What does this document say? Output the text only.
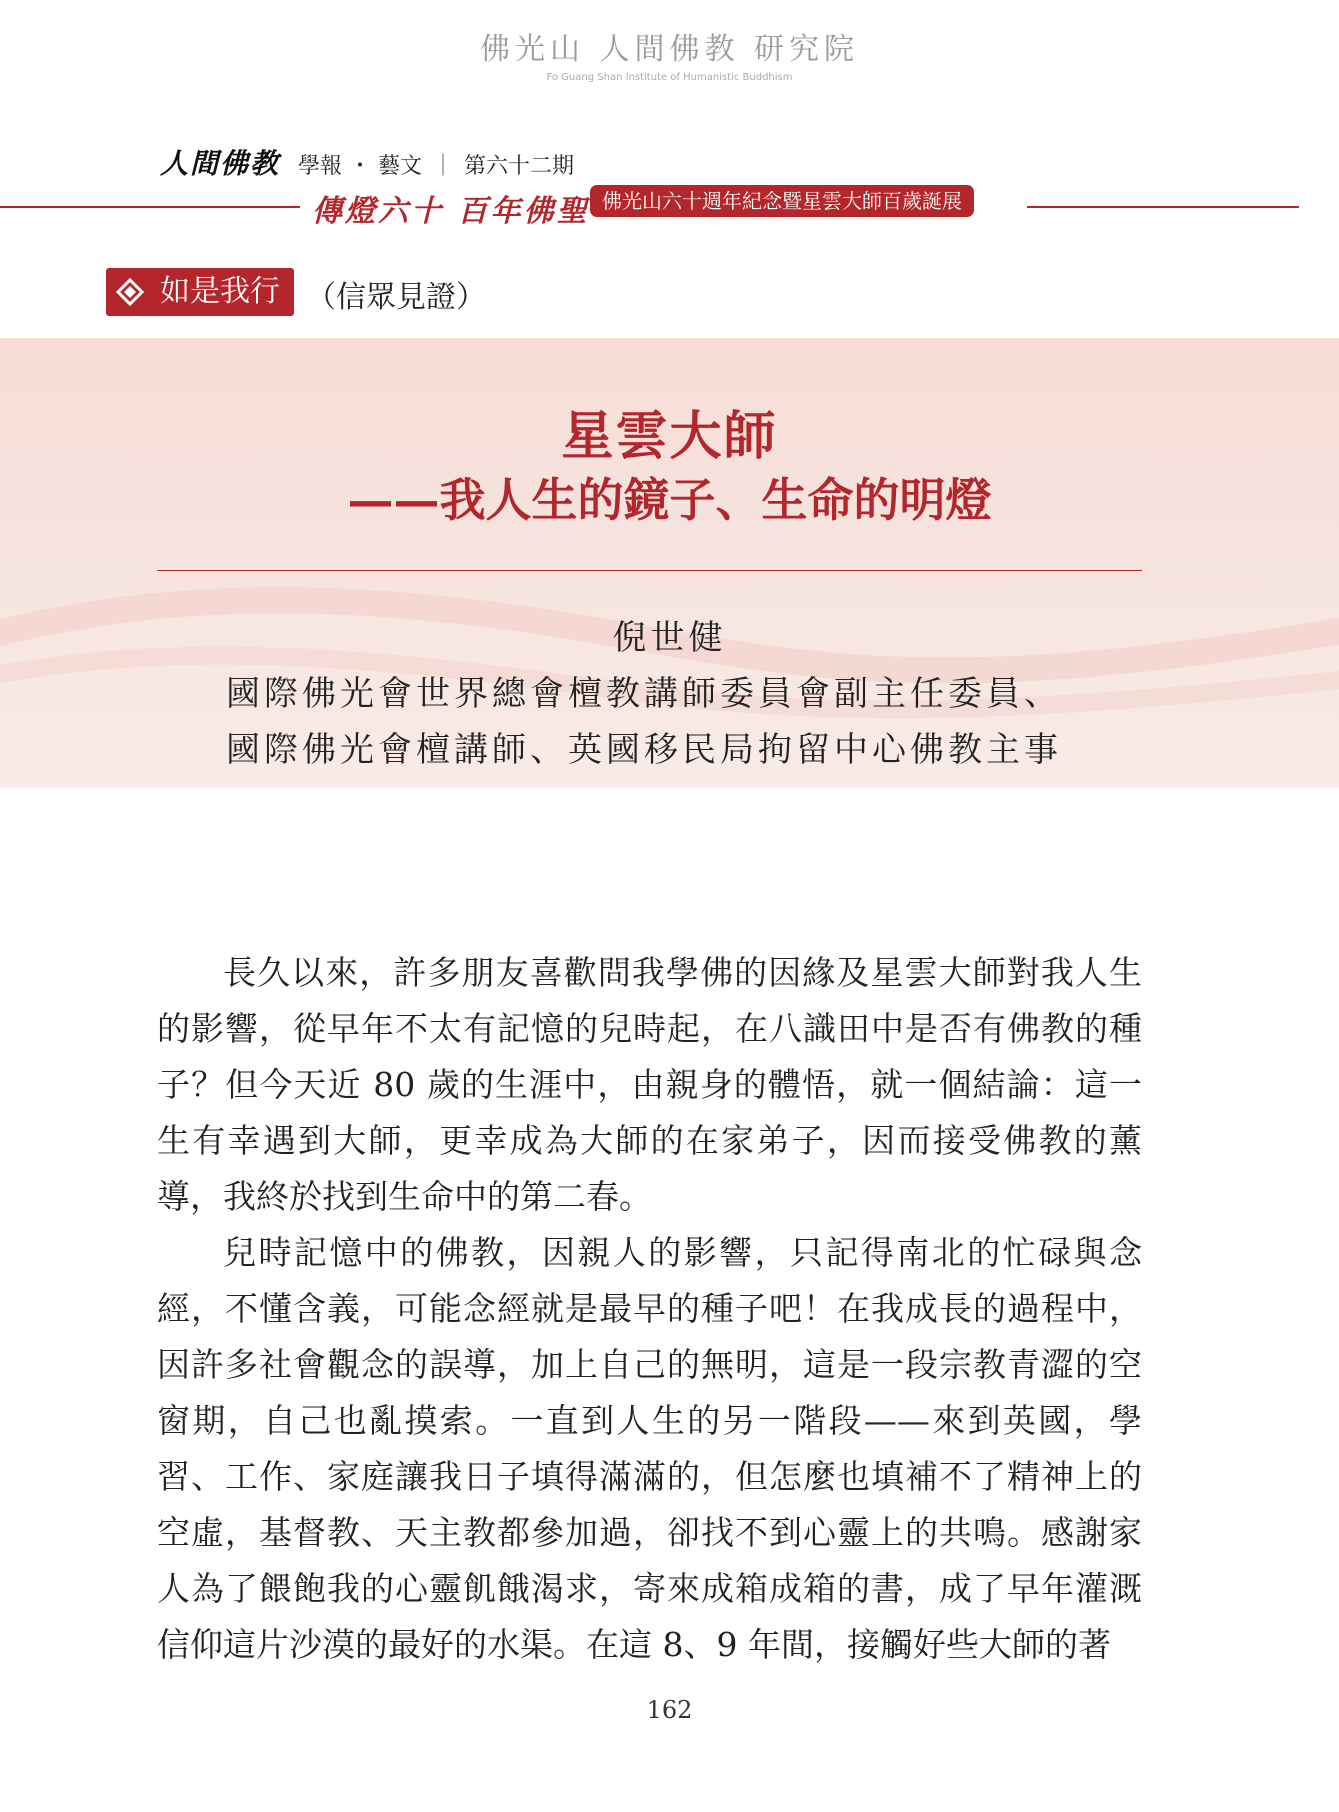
佛光山 人間佛教 研究院
Fo Guang Shan Institute of Humanistic Buddhism
人間佛教 學報 ・ 藝文 ｜ 第六十二期
傳燈六十 百年佛聖 佛光山六十週年紀念暨星雲大師百歲誕展
如是我行 （信眾見證）
星雲大師
——我人生的鏡子、生命的明燈
倪世健
國際佛光會世界總會檀教講師委員會副主任委員、
國際佛光會檀講師、英國移民局拘留中心佛教主事

長久以來，許多朋友喜歡問我學佛的因緣及星雲大師對我人生的影響，從早年不太有記憶的兒時起，在八識田中是否有佛教的種子？但今天近 80 歲的生涯中，由親身的體悟，就一個結論：這一生有幸遇到大師，更幸成為大師的在家弟子，因而接受佛教的薰導，我終於找到生命中的第二春。

兒時記憶中的佛教，因親人的影響，只記得南北的忙碌與念經，不懂含義，可能念經就是最早的種子吧！在我成長的過程中，因許多社會觀念的誤導，加上自己的無明，這是一段宗教青澀的空窗期，自己也亂摸索。一直到人生的另一階段——來到英國，學習、工作、家庭讓我日子填得滿滿的，但怎麼也填補不了精神上的空虛，基督教、天主教都參加過，卻找不到心靈上的共鳴。感謝家人為了餵飽我的心靈飢餓渴求，寄來成箱成箱的書，成了早年灌溉信仰這片沙漠的最好的水渠。在這 8、9 年間，接觸好些大師的著

162
